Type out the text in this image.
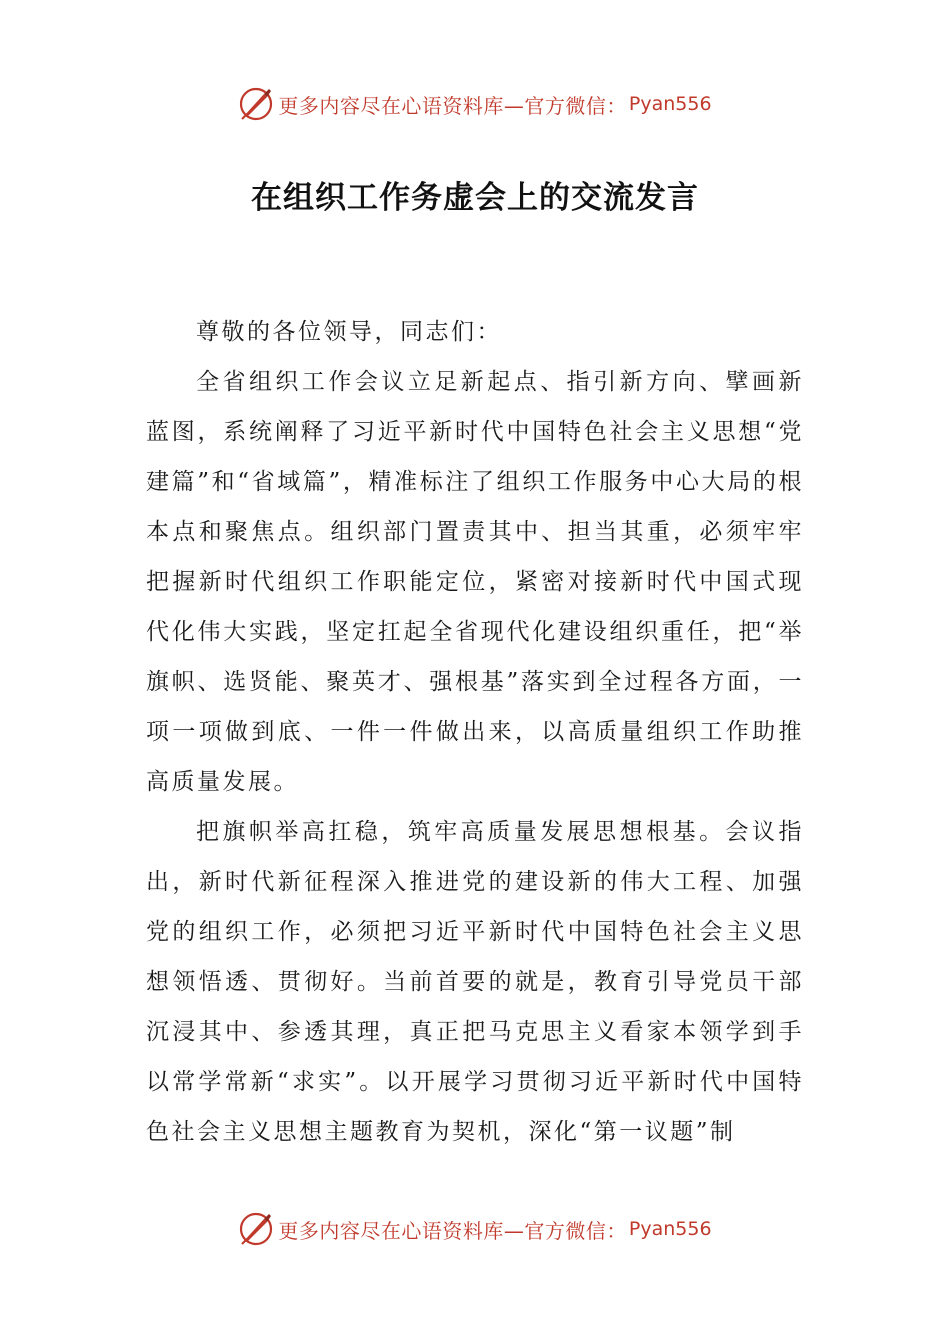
更多内容尽在心语资料库—官方微信： Pyan556
在组织工作务虚会上的交流发言

尊敬的各位领导，同志们：

全省组织工作会议立足新起点、指引新方向、擘画新蓝图，系统阐释了习近平新时代中国特色社会主义思想“党建篇”和“省域篇”，精准标注了组织工作服务中心大局的根本点和聚焦点。组织部门置责其中、担当其重，必须牢牢把握新时代组织工作职能定位，紧密对接新时代中国式现代化伟大实践，坚定扛起全省现代化建设组织重任，把“举旗帜、选贤能、聚英才、强根基”落实到全过程各方面，一项一项做到底、一件一件做出来，以高质量组织工作助推高质量发展。

把旗帜举高扛稳，筑牢高质量发展思想根基。会议指出，新时代新征程深入推进党的建设新的伟大工程、加强党的组织工作，必须把习近平新时代中国特色社会主义思想领悟透、贯彻好。当前首要的就是，教育引导党员干部沉浸其中、参透其理，真正把马克思主义看家本领学到手以常学常新“求实”。以开展学习贯彻习近平新时代中国特色社会主义思想主题教育为契机，深化“第一议题”制

更多内容尽在心语资料库—官方微信： Pyan556
